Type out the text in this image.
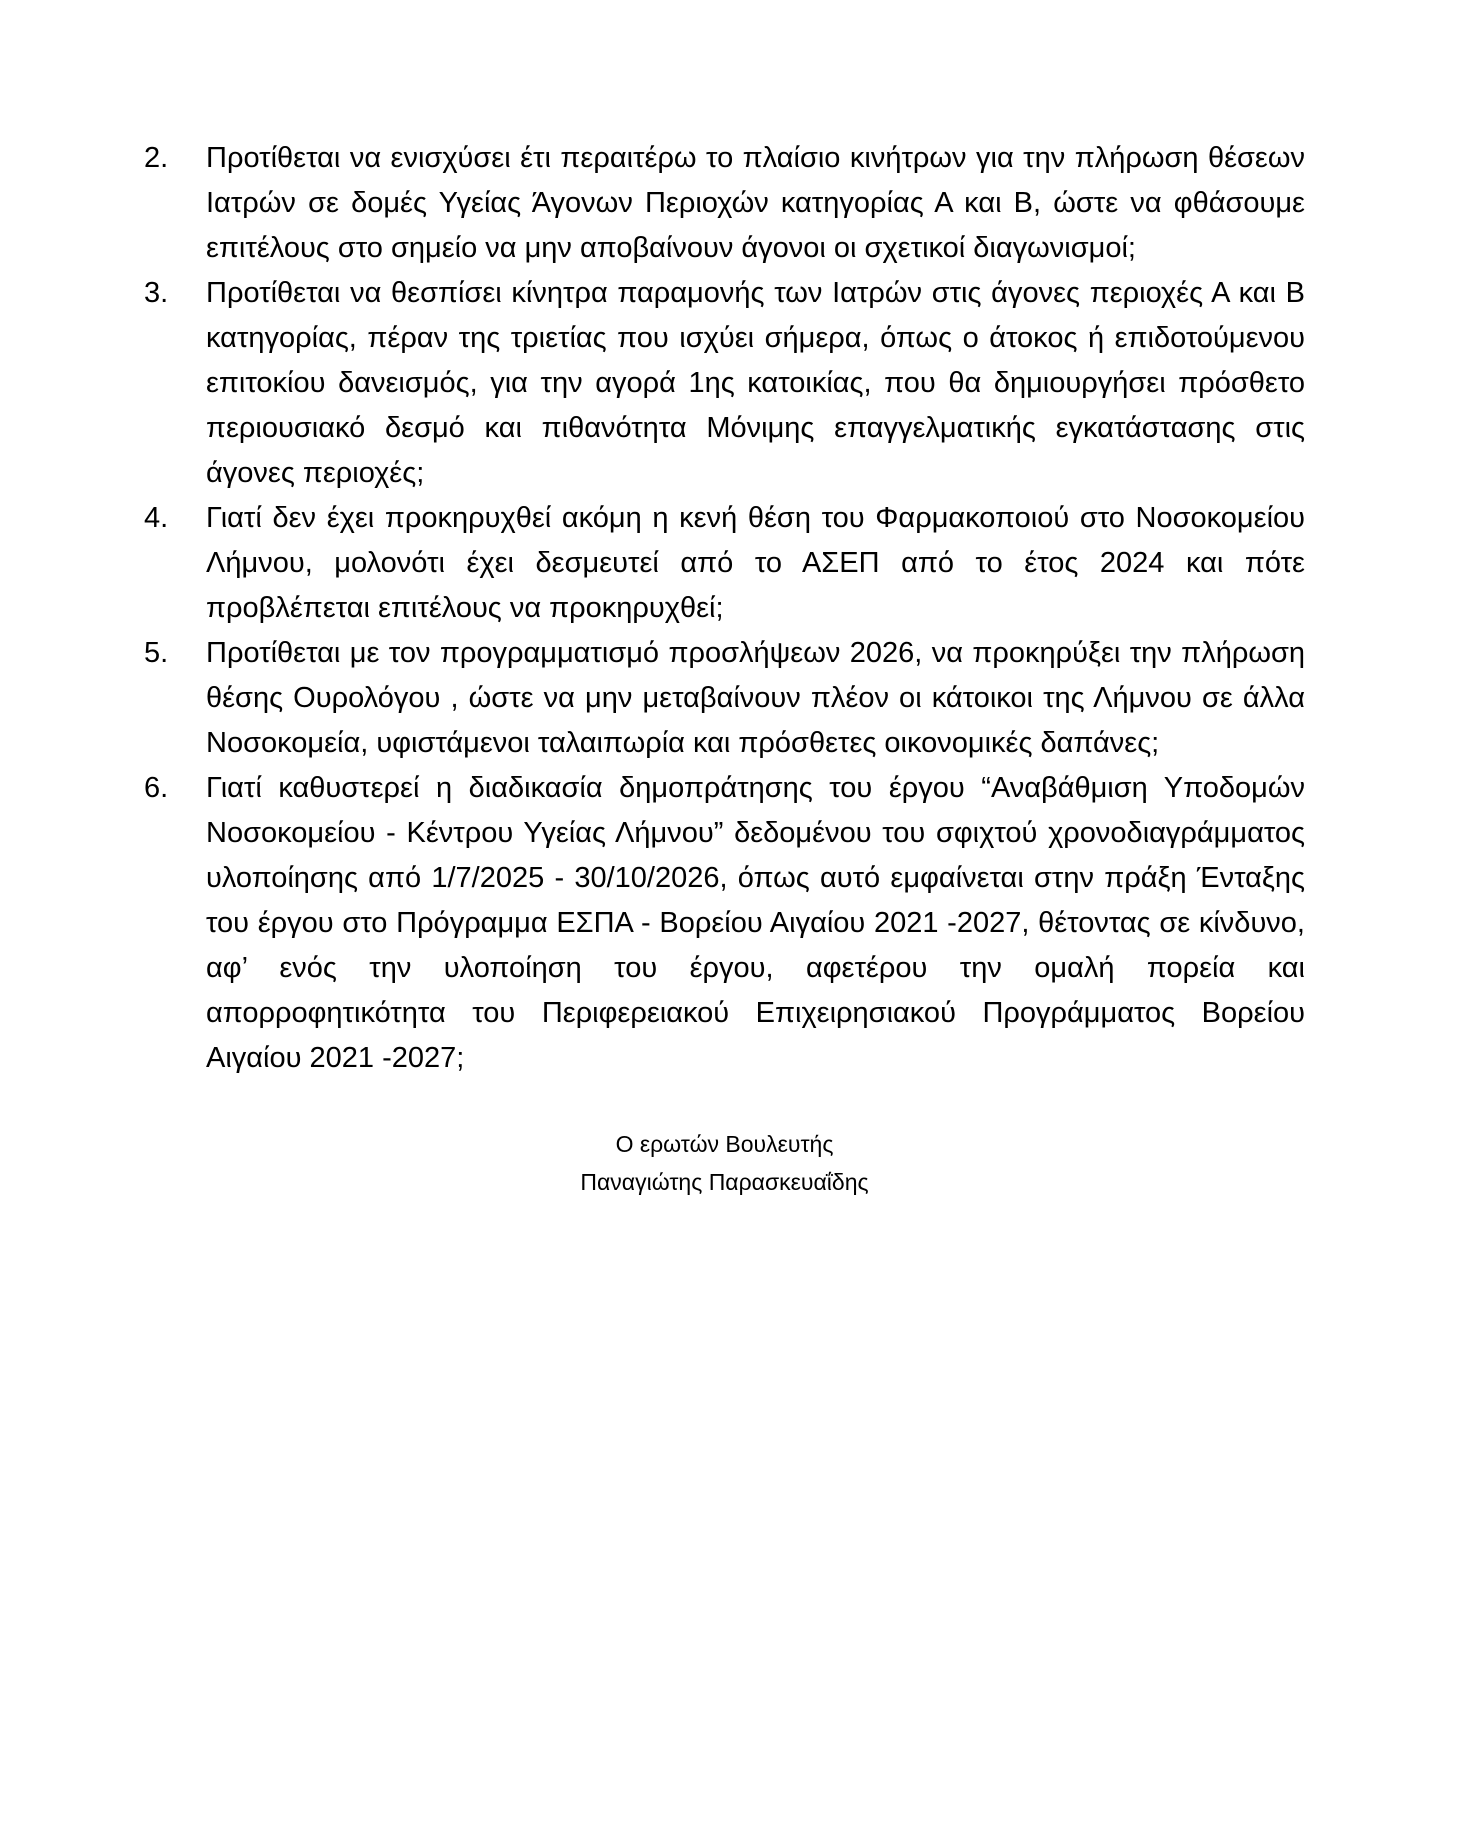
2.	Προτίθεται να ενισχύσει έτι περαιτέρω το πλαίσιο κινήτρων για την πλήρωση θέσεων Ιατρών σε δομές Υγείας Άγονων Περιοχών κατηγορίας Α και Β, ώστε να φθάσουμε επιτέλους στο σημείο να μην αποβαίνουν άγονοι οι σχετικοί διαγωνισμοί;
3.	Προτίθεται να θεσπίσει κίνητρα παραμονής των Ιατρών στις άγονες περιοχές Α και Β κατηγορίας, πέραν της τριετίας που ισχύει σήμερα, όπως ο άτοκος ή επιδοτούμενου επιτοκίου δανεισμός, για την αγορά 1ης κατοικίας, που θα δημιουργήσει πρόσθετο περιουσιακό δεσμό και πιθανότητα Μόνιμης επαγγελματικής εγκατάστασης στις άγονες περιοχές;
4.	Γιατί δεν έχει προκηρυχθεί ακόμη η κενή θέση του Φαρμακοποιού στο Νοσοκομείου Λήμνου, μολονότι έχει δεσμευτεί από το ΑΣΕΠ από το έτος 2024 και πότε προβλέπεται επιτέλους να προκηρυχθεί;
5.	Προτίθεται με τον προγραμματισμό προσλήψεων 2026, να προκηρύξει την πλήρωση θέσης Ουρολόγου , ώστε να μην μεταβαίνουν πλέον οι κάτοικοι της Λήμνου σε άλλα Νοσοκομεία, υφιστάμενοι ταλαιπωρία και πρόσθετες οικονομικές δαπάνες;
6.	Γιατί καθυστερεί η διαδικασία δημοπράτησης του έργου “Αναβάθμιση Υποδομών Νοσοκομείου - Κέντρου Υγείας Λήμνου” δεδομένου του σφιχτού χρονοδιαγράμματος υλοποίησης από 1/7/2025 - 30/10/2026, όπως αυτό εμφαίνεται στην πράξη Ένταξης του έργου στο Πρόγραμμα ΕΣΠΑ - Βορείου Αιγαίου 2021 -2027, θέτοντας σε κίνδυνο, αφ’ ενός την υλοποίηση του έργου, αφετέρου την ομαλή πορεία και απορροφητικότητα του Περιφερειακού Επιχειρησιακού Προγράμματος Βορείου Αιγαίου 2021 -2027;
Ο ερωτών Βουλευτής
Παναγιώτης Παρασκευαΐδης
